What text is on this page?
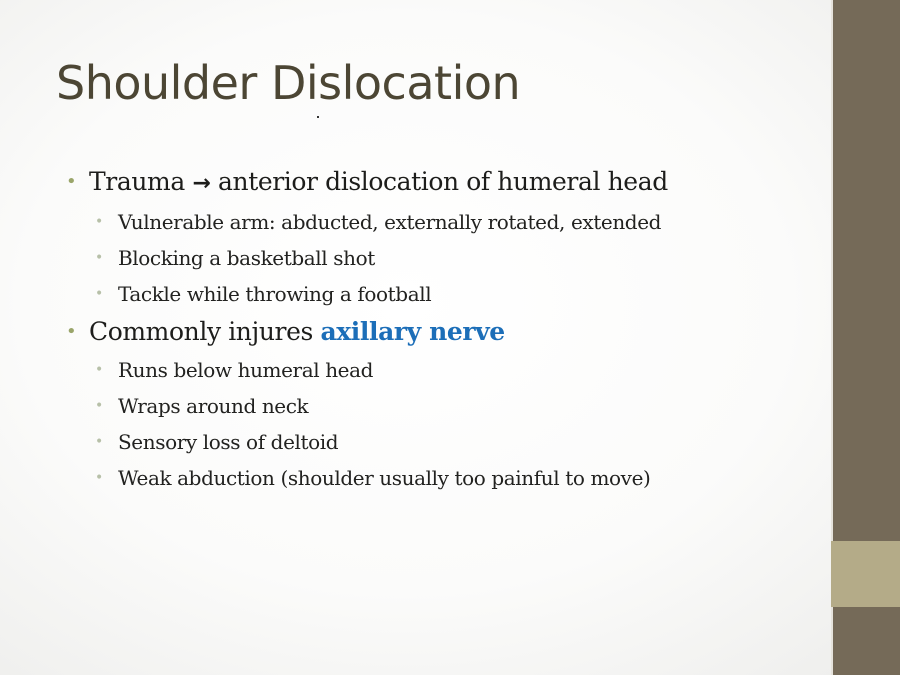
Shoulder Dislocation
• Trauma → anterior dislocation of humeral head
• Vulnerable arm: abducted, externally rotated, extended
• Blocking a basketball shot
• Tackle while throwing a football
• Commonly injures axillary nerve
• Runs below humeral head
• Wraps around neck
• Sensory loss of deltoid
• Weak abduction (shoulder usually too painful to move)
